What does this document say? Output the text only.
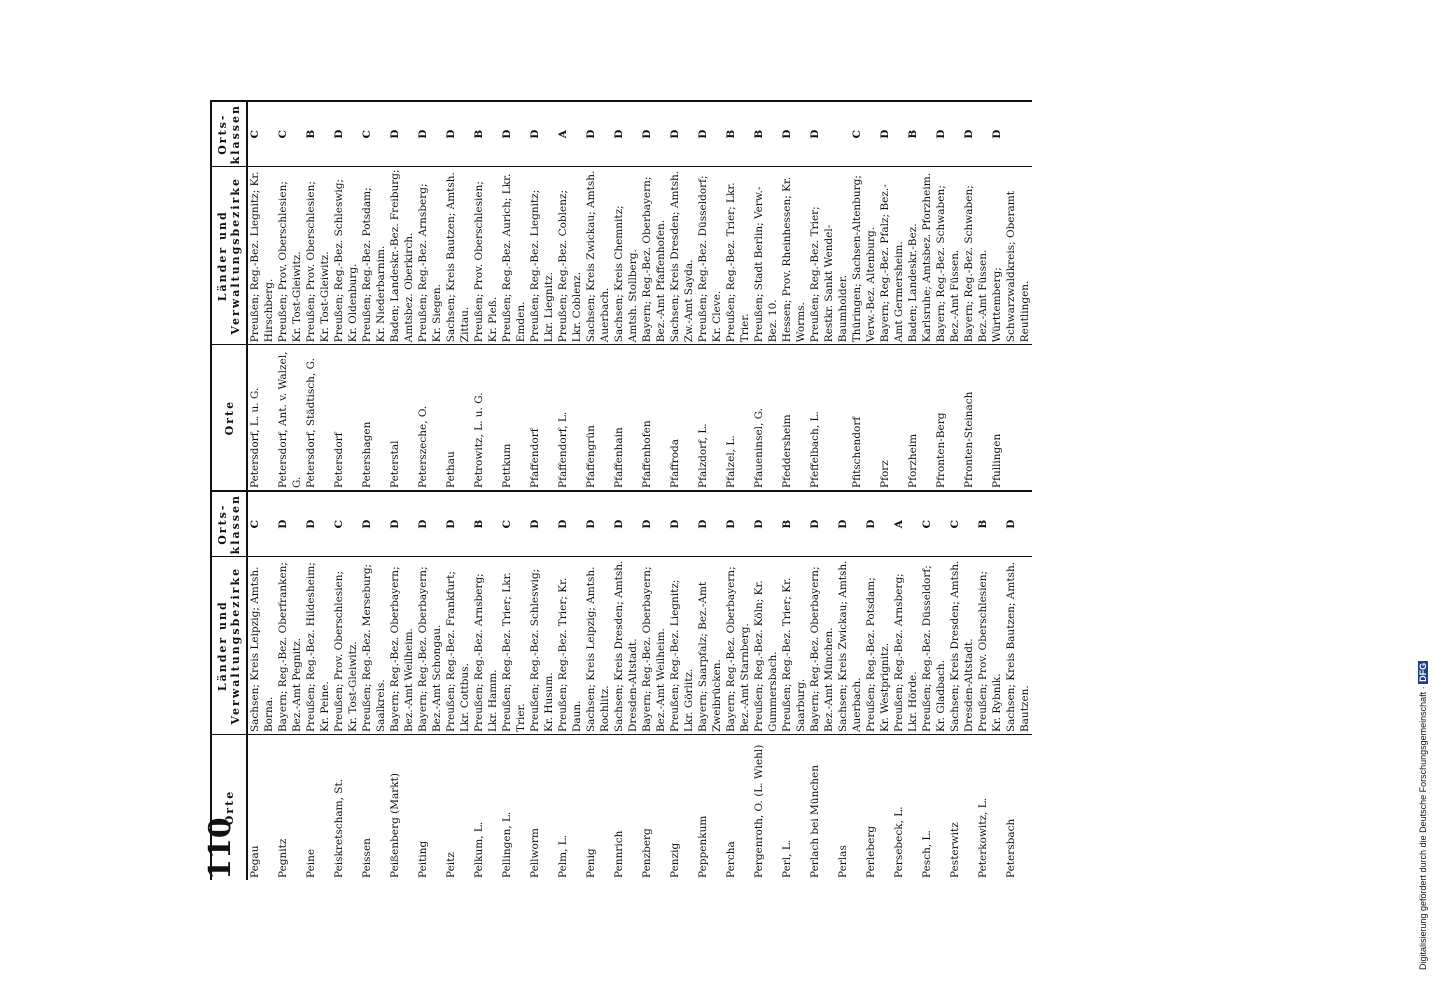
110
Orte	Länder und Verwaltungsbezirke	Orts-klassen
Pegau	Sachsen; Kreis Leipzig; Amtsh. Borna.	C
Pegnitz	Bayern; Reg.-Bez. Oberfranken; Bez.-Amt Pegnitz.	D
Peine	Preußen; Reg.-Bez. Hildesheim; Kr. Peine.	D
Peiskretscham, St.	Preußen; Prov. Oberschlesien; Kr. Tost-Gleiwitz.	C
Peissen	Preußen; Reg.-Bez. Merseburg; Saalkreis.	D
Peißenberg (Markt)	Bayern; Reg.-Bez. Oberbayern; Bez.-Amt Weilheim.	D
Peiting	Bayern; Reg.-Bez. Oberbayern; Bez.-Amt Schongau.	D
Peitz	Preußen; Reg.-Bez. Frankfurt; Lkr. Cottbus.	D
Pelkum, L.	Preußen; Reg.-Bez. Arnsberg; Lkr. Hamm.	B
Pellingen, L.	Preußen; Reg.-Bez. Trier; Lkr. Trier.	C
Pellworm	Preußen; Reg.-Bez. Schleswig; Kr. Husum.	D
Pelm, L.	Preußen; Reg.-Bez. Trier; Kr. Daun.	D
Penig	Sachsen; Kreis Leipzig; Amtsh. Rochlitz.	D
Pennrich	Sachsen; Kreis Dresden; Amtsh. Dresden-Altstadt.	D
Penzberg	Bayern; Reg.-Bez. Oberbayern; Bez.-Amt Weilheim.	D
Penzig	Preußen; Reg.-Bez. Liegnitz; Lkr. Görlitz.	D
Peppenkum	Bayern; Saarpfalz; Bez.-Amt Zweibrücken.	D
Percha	Bayern; Reg.-Bez. Oberbayern; Bez.-Amt Starnberg.	D
Pergenroth, O. (L. Wiehl)	Preußen; Reg.-Bez. Köln; Kr. Gummersbach.	D
Perl, L.	Preußen; Reg.-Bez. Trier; Kr. Saarburg.	B
Perlach bei München	Bayern; Reg.-Bez. Oberbayern; Bez.-Amt München.	D
Perlas	Sachsen; Kreis Zwickau; Amtsh. Auerbach.	D
Perleberg	Preußen; Reg.-Bez. Potsdam; Kr. Westprignitz.	D
Persebeck, L.	Preußen; Reg.-Bez. Arnsberg; Lkr. Hörde.	A
Pesch, L.	Preußen; Reg.-Bez. Düsseldorf; Kr. Gladbach.	C
Pesterwitz	Sachsen; Kreis Dresden; Amtsh. Dresden-Altstadt.	C
Peterkowitz, L.	Preußen; Prov. Oberschlesien; Kr. Rybnik.	B
Petersbach	Sachsen; Kreis Bautzen; Amtsh. Bautzen.	D
Orte	Länder und Verwaltungsbezirke	Orts-klassen
Petersdorf, L. u. G.	Preußen; Reg.-Bez. Liegnitz; Kr. Hirschberg.	C
Petersdorf, Ant. v. Walzel, G.	Preußen; Prov. Oberschlesien; Kr. Tost-Gleiwitz.	C
Petersdorf, Städtisch, G.	Preußen; Prov. Oberschlesien; Kr. Tost-Gleiwitz.	B
Petersdorf	Preußen; Reg.-Bez. Schleswig; Kr. Oldenburg.	D
Petershagen	Preußen; Reg.-Bez. Potsdam; Kr. Niederbarnim.	C
Peterstal	Baden; Landeskr.-Bez. Freiburg; Amtsbez. Oberkirch.	D
Peterszeche, O.	Preußen; Reg.-Bez. Arnsberg; Kr. Siegen.	D
Pethau	Sachsen; Kreis Bautzen; Amtsh. Zittau.	D
Petrowitz, L. u. G.	Preußen; Prov. Oberschlesien; Kr. Pleß.	B
Pettkum	Preußen; Reg.-Bez. Aurich; Lkr. Emden.	D
Pfaffendorf	Preußen; Reg.-Bez. Liegnitz; Lkr. Liegnitz.	D
Pfaffendorf, L.	Preußen; Reg.-Bez. Coblenz; Lkr. Coblenz.	A
Pfaffengrün	Sachsen; Kreis Zwickau; Amtsh. Auerbach.	D
Pfaffenhain	Sachsen; Kreis Chemnitz; Amtsh. Stollberg.	D
Pfaffenhofen	Bayern; Reg.-Bez. Oberbayern; Bez.-Amt Pfaffenhofen.	D
Pfaffroda	Sachsen; Kreis Dresden; Amtsh. Zw.-Amt Sayda.	D
Pfalzdorf, L.	Preußen; Reg.-Bez. Düsseldorf; Kr. Cleve.	D
Pfalzel, L.	Preußen; Reg.-Bez. Trier; Lkr. Trier.	B
Pfaueninsel, G.	Preußen; Stadt Berlin; Verw.-Bez. 10.	B
Pfeddersheim	Hessen; Prov. Rheinhessen; Kr. Worms.	D
Pfeffelbach, L.	Preußen; Reg.-Bez. Trier; Restkr. Sankt Wendel-Baumholder.	D
Pfitschendorf	Thüringen; Sachsen-Altenburg; Verw.-Bez. Altenburg.	C
Pforz	Bayern; Reg.-Bez. Pfalz; Bez.-Amt Germersheim.	D
Pforzheim	Baden; Landeskr.-Bez. Karlsruhe; Amtsbez. Pforzheim.	B
Pfronten-Berg	Bayern; Reg.-Bez. Schwaben; Bez.-Amt Füssen.	D
Pfronten-Steinach	Bayern; Reg.-Bez. Schwaben; Bez.-Amt Füssen.	D
Pfullingen	Württemberg; Schwarzwaldkreis; Oberamt Reutlingen.	D
Digitalisierung gefördert durch die Deutsche Forschungsgemeinschaft · DFG
